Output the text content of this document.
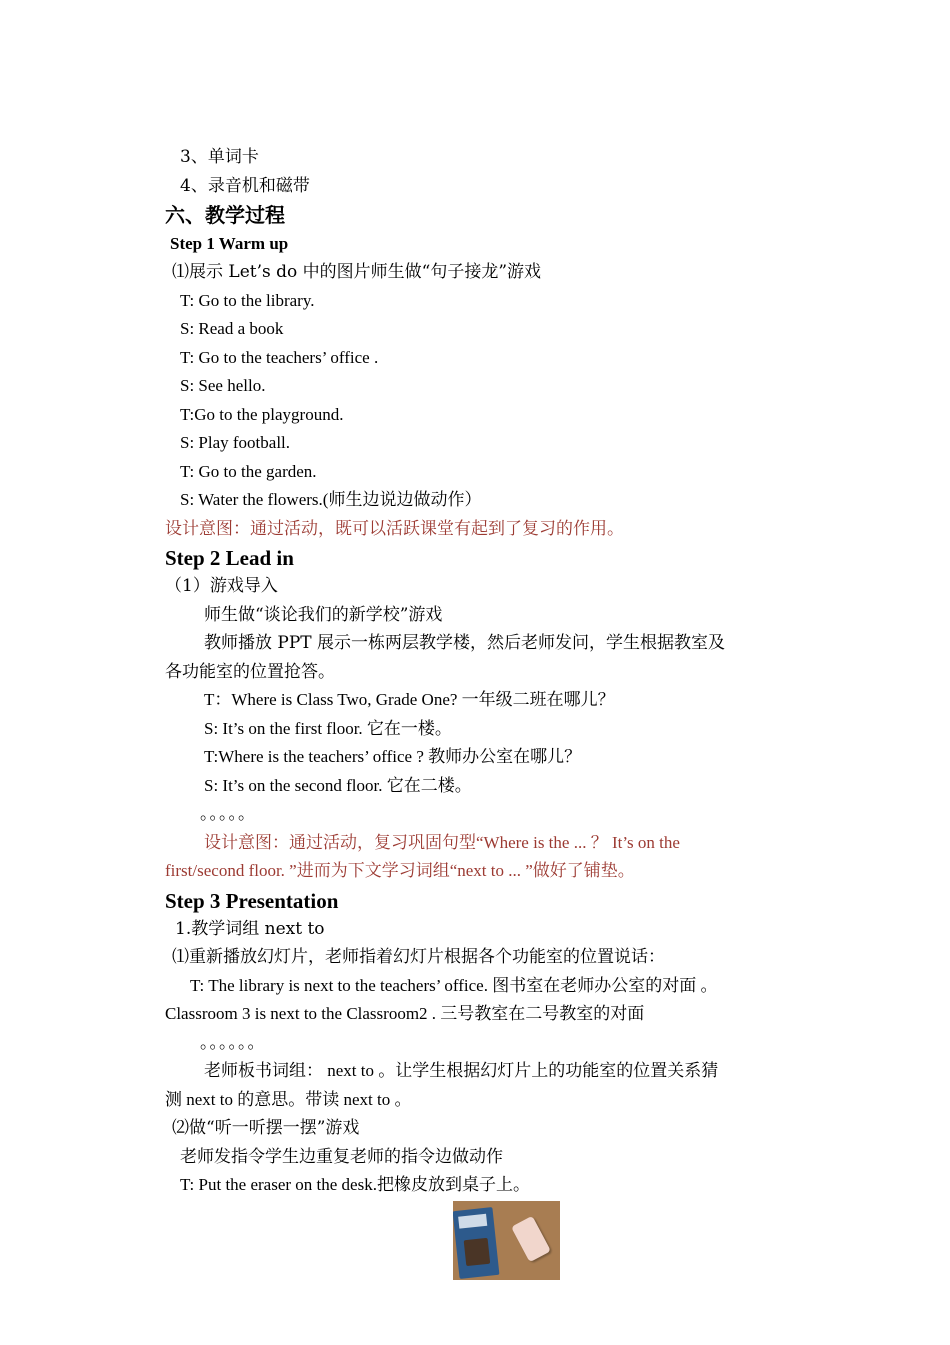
3、单词卡
4、录音机和磁带
六、教学过程
Step 1 Warm up
⑴展示 Let’s do 中的图片师生做“句子接龙”游戏
T: Go to the library.
S: Read a book
T: Go to the teachers’ office .
S: See hello.
T:Go to the playground.
S: Play football.
T: Go to the garden.
S: Water the flowers.(师生边说边做动作）
设计意图：通过活动，既可以活跃课堂有起到了复习的作用。
Step 2 Lead in
（1）游戏导入
师生做“谈论我们的新学校”游戏
教师播放 PPT 展示一栋两层教学楼，然后老师发问，学生根据教室及
各功能室的位置抢答。
T：Where is Class Two, Grade One? 一年级二班在哪儿？
S: It’s on the first floor. 它在一楼。
T:Where is the teachers’ office ? 教师办公室在哪儿？
S: It’s on the second floor. 它在二楼。
。。。。。
设计意图：通过活动，复习巩固句型“Where is the ... ？ It’s on the
first/second floor. ”进而为下文学习词组“next to ... ”做好了铺垫。
Step 3 Presentation
1.教学词组 next to
⑴重新播放幻灯片，老师指着幻灯片根据各个功能室的位置说话：
T: The library is next to the teachers’ office. 图书室在老师办公室的对面 。
Classroom 3 is next to the Classroom2 . 三号教室在二号教室的对面
。。。。。。
老师板书词组： next to 。让学生根据幻灯片上的功能室的位置关系猜
测 next to 的意思。带读 next to 。
⑵做“听一听摆一摆”游戏
老师发指令学生边重复老师的指令边做动作
T: Put the eraser on the desk.把橡皮放到桌子上。
